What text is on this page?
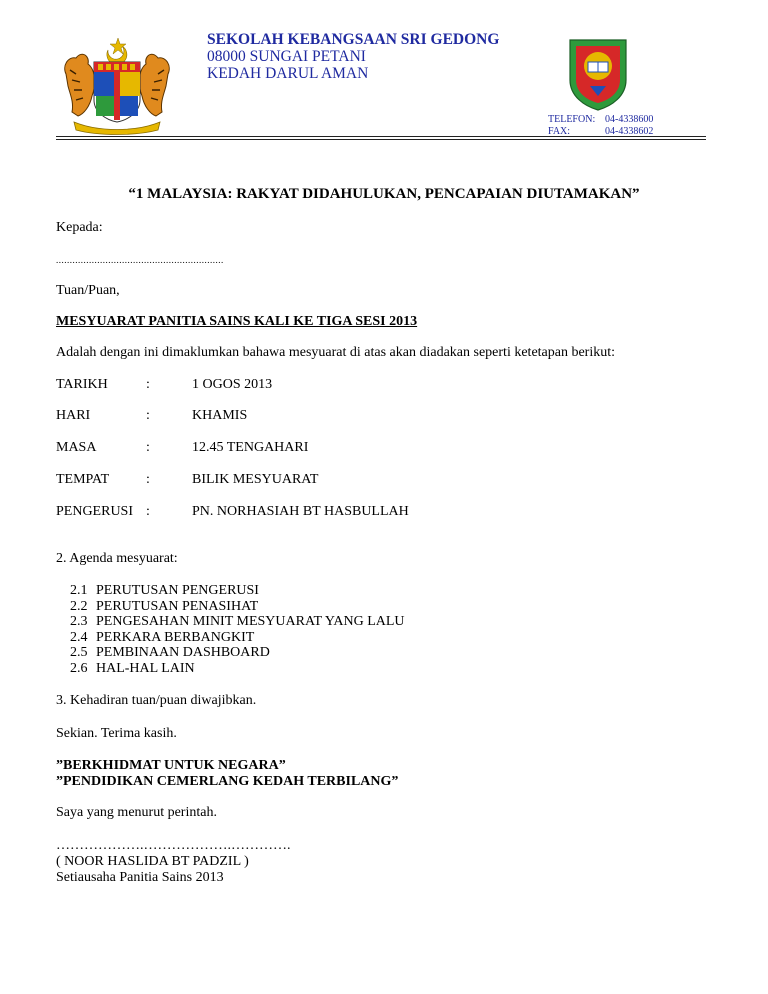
SEKOLAH KEBANGSAAN SRI GEDONG
08000 SUNGAI PETANI
KEDAH DARUL AMAN
TELEFON: 04-4338600
FAX:	04-4338602
“1 MALAYSIA: RAKYAT DIDAHULUKAN, PENCAPAIAN DIUTAMAKAN”
Kepada:
.............................................................
Tuan/Puan,
MESYUARAT PANITIA SAINS KALI KE TIGA SESI 2013
Adalah dengan ini dimaklumkan bahawa mesyuarat di atas akan diadakan seperti ketetapan berikut:
TARIKH	:	1 OGOS 2013
HARI	:	KHAMIS
MASA	:	12.45 TENGAHARI
TEMPAT	:	BILIK MESYUARAT
PENGERUSI :	PN. NORHASIAH BT HASBULLAH
2. Agenda mesyuarat:
2.1 PERUTUSAN PENGERUSI
2.2 PERUTUSAN PENASIHAT
2.3 PENGESAHAN MINIT MESYUARAT YANG LALU
2.4 PERKARA BERBANGKIT
2.5 PEMBINAAN DASHBOARD
2.6 HAL-HAL LAIN
3. Kehadiran tuan/puan diwajibkan.
Sekian. Terima kasih.
”BERKHIDMAT UNTUK NEGARA”
”PENDIDIKAN CEMERLANG KEDAH TERBILANG”
Saya yang menurut perintah.
……………….……………….………….
( NOOR HASLIDA BT PADZIL )
Setiausaha Panitia Sains 2013
